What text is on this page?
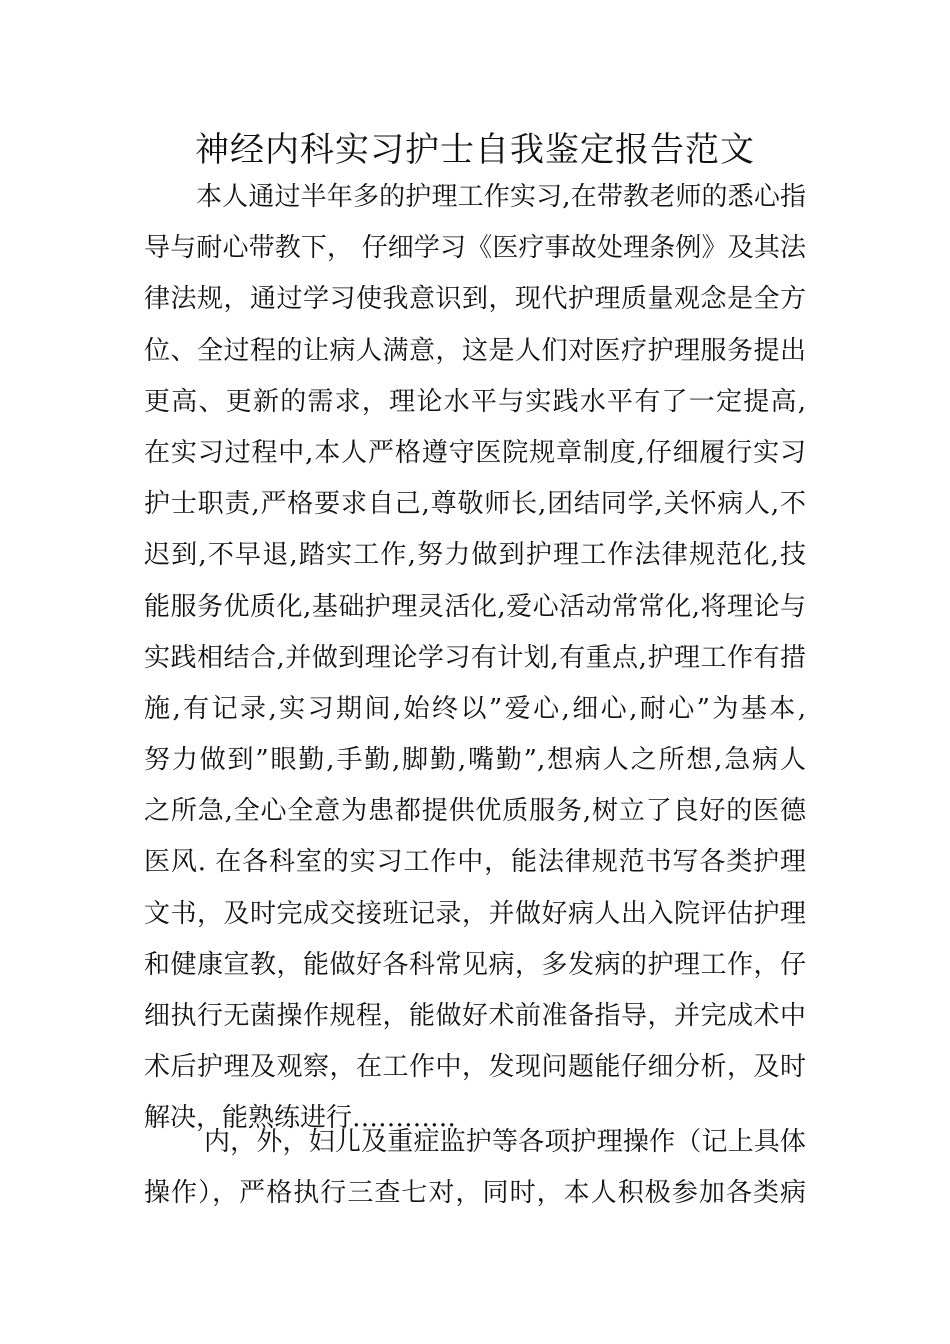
神经内科实习护士自我鉴定报告范文
本人通过半年多的护理工作实习,在带教老师的悉心指
导与耐心带教下， 仔细学习《医疗事故处理条例》及其法
律法规，通过学习使我意识到，现代护理质量观念是全方
位、全过程的让病人满意，这是人们对医疗护理服务提出
更高、更新的需求，理论水平与实践水平有了一定提高,
在实习过程中,本人严格遵守医院规章制度,仔细履行实习
护士职责,严格要求自己,尊敬师长,团结同学,关怀病人,不
迟到,不早退,踏实工作,努力做到护理工作法律规范化,技
能服务优质化,基础护理灵活化,爱心活动常常化,将理论与
实践相结合,并做到理论学习有计划,有重点,护理工作有措
施,有记录,实习期间,始终以”爱心,细心,耐心”为基本,
努力做到”眼勤,手勤,脚勤,嘴勤”,想病人之所想,急病人
之所急,全心全意为患都提供优质服务,树立了良好的医德
医风. 在各科室的实习工作中，能法律规范书写各类护理
文书，及时完成交接班记录，并做好病人出入院评估护理
和健康宣教，能做好各科常见病，多发病的护理工作，仔
细执行无菌操作规程，能做好术前准备指导，并完成术中
术后护理及观察，在工作中，发现问题能仔细分析，及时
解决，能熟练进行…………
内，外，妇儿及重症监护等各项护理操作（记上具体
操作），严格执行三查七对，同时，本人积极参加各类病
